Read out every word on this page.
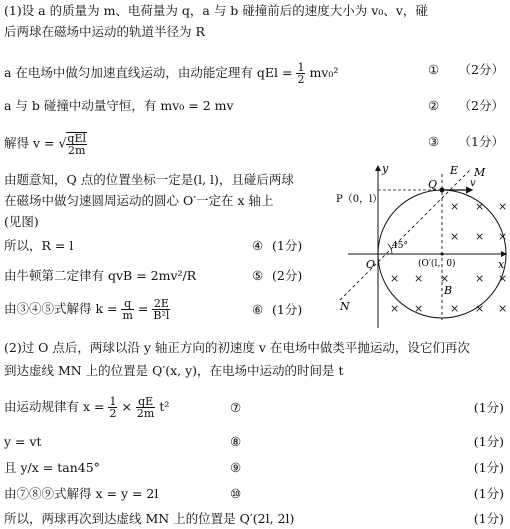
(1)设 a 的质量为 m、电荷量为 q，a 与 b 碰撞前后的速度大小为 v₀、v，碰
后两球在磁场中运动的轨道半径为 R
a 在电场中做匀加速直线运动，由动能定理有 qEl = $\frac{1}{2} mv_0^2$	① （2分）
a 与 b 碰撞中动量守恒，有 mv₀ = 2 mv	② （2分）
解得 v = √ $\frac{\text{qEl}}{2m}$	③ （1分）
由题意知，Q 点的位置坐标一定是(l, l)，且碰后两球
在磁场中做匀速圆周运动的圆心 O′一定在 x 轴上
(见图)
所以，R = l	④ (1分)
由牛顿第二定律有 qvB = 2mv²/R	⑤ (2分)
由③④⑤式解得 $k = \frac{q}{m} = \frac{2E}{\text{B²l}}$	⑥ (1分)
y
x
E M
Q	v
P（0，l）
O	(O′(l，0)
45°
B
N
× × ×
× × ×
× × × × ×
× × × × ×
(2)过 O 点后，两球以沿 y 轴正方向的初速度 v 在电场中做类平抛运动，设它们再次
到达虚线 MN 上的位置是 Q′(x, y)，在电场中运动的时间是 t
由运动规律有 $x = \frac{1}{2} \times \frac{qE}{2m} t^2$	⑦	(1分)
y = vt	⑧	(1分)
且 y/x = tan45°	⑨	(1分)
由⑦⑧⑨式解得 x = y = 2l	⑩	(1分)
所以，两球再次到达虚线 MN 上的位置是 Q′(2l, 2l)	(1分)
